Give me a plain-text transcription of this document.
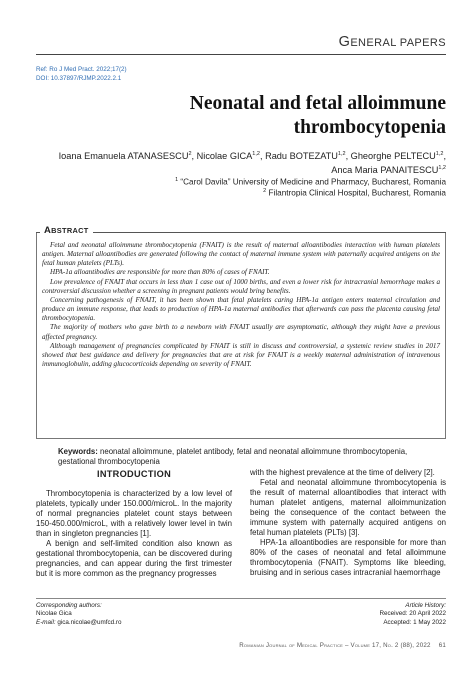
GENERAL PAPERS
Ref: Ro J Med Pract. 2022;17(2)
DOI: 10.37897/RJMP.2022.2.1
Neonatal and fetal alloimmune
thrombocytopenia
Ioana Emanuela ATANASESCU$^2$, Nicolae GICA$^{1,2}$, Radu BOTEZATU$^{1,2}$, Gheorghe PELTECU$^{1,2}$,
Anca Maria PANAITESCU$^{1,2}$
$^1$ “Carol Davila” University of Medicine and Pharmacy, Bucharest, Romania
$^2$ Filantropia Clinical Hospital, Bucharest, Romania
ABSTRACT

Fetal and neonatal alloimmune thrombocytopenia (FNAIT) is the result of maternal alloantibodies interaction with human platelets antigen. Maternal alloantibodies are generated following the contact of maternal immune system with paternally acquired antigens on the fetal human platelets (PLTs).

HPA-1a alloantibodies are responsible for more than 80% of cases of FNAIT.

Low prevalence of FNAIT that occurs in less than 1 case out of 1000 births, and even a lower risk for intracranial hemorrhage makes a controversial discussion whether a screening in pregnant patients would bring benefits.

Concerning pathogenesis of FNAIT, it has been shown that fetal platelets caring HPA-1a antigen enters maternal circulation and produce an immune response, that leads to production of HPA-1a maternal antibodies that afterwards can pass the placenta causing fetal thrombocytopenia.

The majority of mothers who gave birth to a newborn with FNAIT usually are asymptomatic, although they might have a previous affected pregnancy.

Although management of pregnancies complicated by FNAIT is still in discuss and controversial, a systemic review studies in 2017 showed that best guidance and delivery for pregnancies that are at risk for FNAIT is a weekly maternal administration of intravenous immunoglobulin, adding glucocorticoids depending on severity of FNAIT.

Keywords: neonatal alloimmune, platelet antibody, fetal and neonatal alloimmune thrombocytopenia, gestational thrombocytopenia
INTRODUCTION

Thrombocytopenia is characterized by a low level of platelets, typically under 150.000/microL. In the majority of normal pregnancies platelet count stays between 150-450.000/microL, with a relatively lower level in twin than in singleton pregnancies [1].

A benign and self-limited condition also known as gestational thrombocytopenia, can be discovered during pregnancies, and can appear during the first trimester but it is more common as the pregnancy progresses

with the highest prevalence at the time of delivery [2].

Fetal and neonatal alloimmune thrombocytopenia is the result of maternal alloantibodies that interact with human platelet antigens, maternal alloimmunization being the consequence of the contact between the immune system with paternally acquired antigens on fetal human platelets (PLTs) [3].

HPA-1a alloantibodies are responsible for more than 80% of the cases of neonatal and fetal alloimmune thrombocytopenia (FNAIT). Symptoms like bleeding, bruising and in serious cases intracranial haemorrhage

Corresponding authors:
Nicolae Gica
E-mail: gica.nicolae@umfcd.ro
Article History:
Received: 20 April 2022
Accepted: 1 May 2022
Romanian Journal of Medical Practice – Volume 17, No. 2 (88), 2022 61
